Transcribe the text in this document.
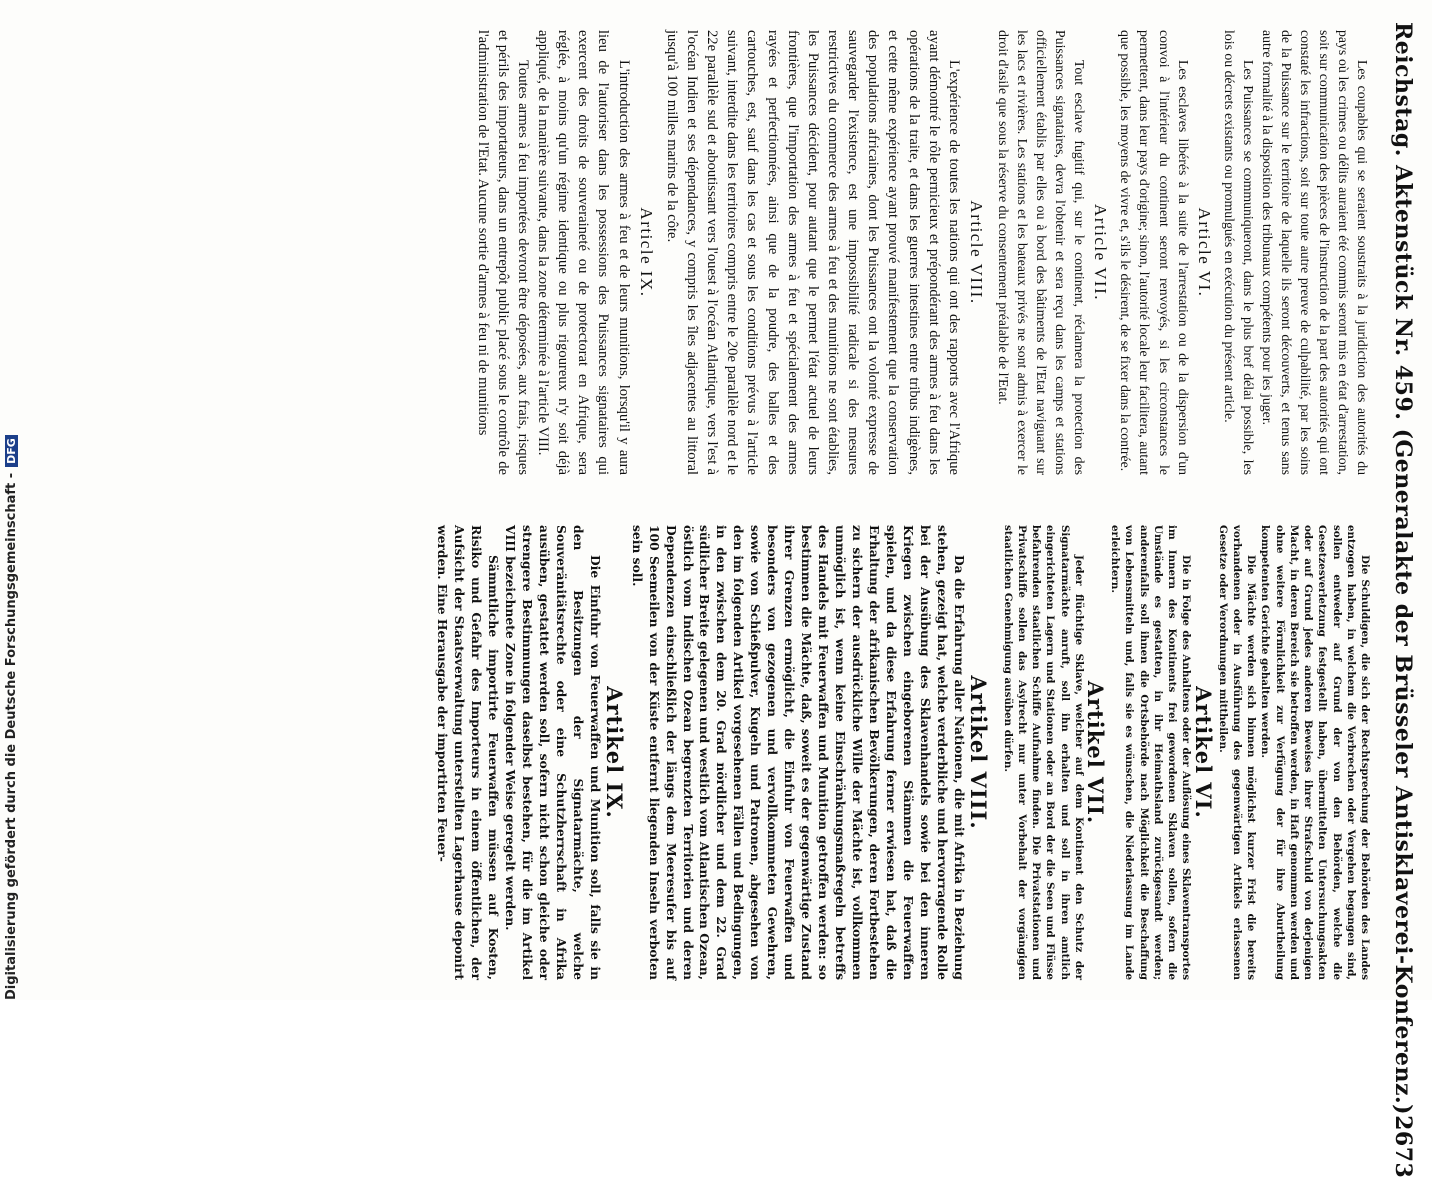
Reichstag. Aktenstück Nr. 459. (Generalakte der Brüsseler Antisklaverei-Konferenz.)
2673

Les coupables qui se seraient soustraits à la juridiction des autorités du pays où les crimes ou délits auraient été commis seront mis en état d'arrestation, soit sur communication des pièces de l'instruction de la part des autorités qui ont constaté les infractions, soit sur toute autre preuve de culpabilité, par les soins de la Puissance sur le territoire de laquelle ils seront découverts, et tenus sans autre formalité à la disposition des tribunaux compétents pour les juger.

Les Puissances se communiqueront, dans le plus bref délai possible, les lois ou décrets existants ou promulgués en exécution du présent article.

Article VI.

Les esclaves libérés à la suite de l'arrestation ou de la dispersion d'un convoi à l'intérieur du continent seront renvoyés, si les circonstances le permettent, dans leur pays d'origine; sinon, l'autorité locale leur facilitera, autant que possible, les moyens de vivre et, s'ils le désirent, de se fixer dans la contrée.

Article VII.

Tout esclave fugitif qui, sur le continent, réclamera la protection des Puissances signataires, devra l'obtenir et sera reçu dans les camps et stations officiellement établis par elles ou à bord des bâtiments de l'Etat naviguant sur les lacs et rivières. Les stations et les bateaux privés ne sont admis à exercer le droit d'asile que sous la réserve du consentement préalable de l'Etat.

Article VIII.

L'expérience de toutes les nations qui ont des rapports avec l'Afrique ayant démontré le rôle pernicieux et prépondérant des armes à feu dans les opérations de la traite, et dans les guerres intestines entre tribus indigènes, et cette même expérience ayant prouvé manifestement que la conservation des populations africaines, dont les Puissances ont la volonté expresse de sauvegarder l'existence, est une impossibilité radicale si des mesures restrictives du commerce des armes à feu et des munitions ne sont établies, les Puissances décident, pour autant que le permet l'état actuel de leurs frontières, que l'importation des armes à feu et spécialement des armes rayées et perfectionnées, ainsi que de la poudre, des balles et des cartouches, est, sauf dans les cas et sous les conditions prévus à l'article suivant, interdite dans les territoires compris entre le 20e parallèle nord et le 22e parallèle sud et aboutissant vers l'ouest à l'océan Atlantique, vers l'est à l'océan Indien et ses dépendances, y compris les îles adjacentes au littoral jusqu'à 100 milles marins de la côte.

Article IX.

L'introduction des armes à feu et de leurs munitions, lorsqu'il y aura lieu de l'autoriser dans les possessions des Puissances signataires qui exercent des droits de souveraineté ou de protectorat en Afrique, sera réglée, à moins qu'un régime identique ou plus rigoureux n'y soit déjà appliqué, de la manière suivante, dans la zone déterminée à l'article VIII.

Toutes armes à feu importées devront être déposées, aux frais, risques et périls des importateurs, dans un entrepôt public placé sous le contrôle de l'administration de l'Etat. Aucune sortie d'armes à feu ni de munitions

Die Schuldigen, die sich der Rechtsprechung der Behörden des Landes entzogen haben, in welchem die Verbrechen oder Vergehen begangen sind, sollen entweder auf Grund der von den Behörden, welche die Gesetzesverletzung festgestellt haben, übermittelten Untersuchungsakten oder auf Grund jedes anderen Beweises ihrer Strafschuld von derjenigen Macht, in deren Bereich sie betroffen werden, in Haft genommen werden und ohne weitere Förmlichkeit zur Verfügung der für ihre Aburtheilung kompetenten Gerichte gehalten werden.

Die Mächte werden sich binnen möglichst kurzer Frist die bereits vorhandenen oder in Ausführung des gegenwärtigen Artikels erlassenen Gesetze oder Verordnungen mittheilen.

Artikel VI.

Die in Folge des Anhaltens oder der Auflösung eines Sklaventransportes im Innern des Kontinents frei gewordenen Sklaven sollen, sofern die Umstände es gestatten, in ihr Heimathsland zurückgesandt werden; anderenfalls soll ihnen die Ortsbehörde nach Möglichkeit die Beschaffung von Lebensmitteln und, falls sie es wünschen, die Niederlassung im Lande erleichtern.

Artikel VII.

Jeder flüchtige Sklave, welcher auf dem Kontinent den Schutz der Signatarmächte anruft, soll ihn erhalten und soll in ihren amtlich eingerichteten Lagern und Stationen oder an Bord der die Seen und Flüsse befahrenden staatlichen Schiffe Aufnahme finden. Die Privatstationen und Privatschiffe sollen das Asylrecht nur unter Vorbehalt der vorgängigen staatlichen Genehmigung ausüben dürfen.

Artikel VIII.

Da die Erfahrung aller Nationen, die mit Afrika in Beziehung stehen, gezeigt hat, welche verderbliche und hervorragende Rolle bei der Ausübung des Sklavenhandels sowie bei den inneren Kriegen zwischen eingeborenen Stämmen die Feuerwaffen spielen, und da diese Erfahrung ferner erwiesen hat, daß die Erhaltung der afrikanischen Bevölkerungen, deren Fortbestehen zu sichern der ausdrückliche Wille der Mächte ist, vollkommen unmöglich ist, wenn keine Einschränkungsmaßregeln betreffs des Handels mit Feuerwaffen und Munition getroffen werden: so bestimmen die Mächte, daß, soweit es der gegenwärtige Zustand ihrer Grenzen ermöglicht, die Einfuhr von Feuerwaffen und besonders von gezogenen und vervollkommneten Gewehren, sowie von Schießpulver, Kugeln und Patronen, abgesehen von den im folgenden Artikel vorgesehenen Fällen und Bedingungen, in den zwischen dem 20. Grad nördlicher und dem 22. Grad südlicher Breite gelegenen und westlich vom Atlantischen Ozean, östlich vom Indischen Ozean begrenzten Territorien und deren Dependenzen einschließlich der längs dem Meeresufer bis auf 100 Seemeilen von der Küste entfernt liegenden Inseln verboten sein soll.

Artikel IX.

Die Einfuhr von Feuerwaffen und Munition soll, falls sie in den Besitzungen der Signatarmächte, welche Souveränitätsrechte oder eine Schutzherrschaft in Afrika ausüben, gestattet werden soll, sofern nicht schon gleiche oder strengere Bestimmungen daselbst bestehen, für die im Artikel VIII bezeichnete Zone in folgender Weise geregelt werden.

Sämmtliche importirte Feuerwaffen müssen auf Kosten, Risiko und Gefahr des Importeurs in einem öffentlichen, der Aufsicht der Staatsverwaltung unterstellten Lagerhause deponirt werden. Eine Herausgabe der importirten Feuer-

Digitalisierung gefördert durch die Deutsche Forschungsgemeinschaft -
DFG
